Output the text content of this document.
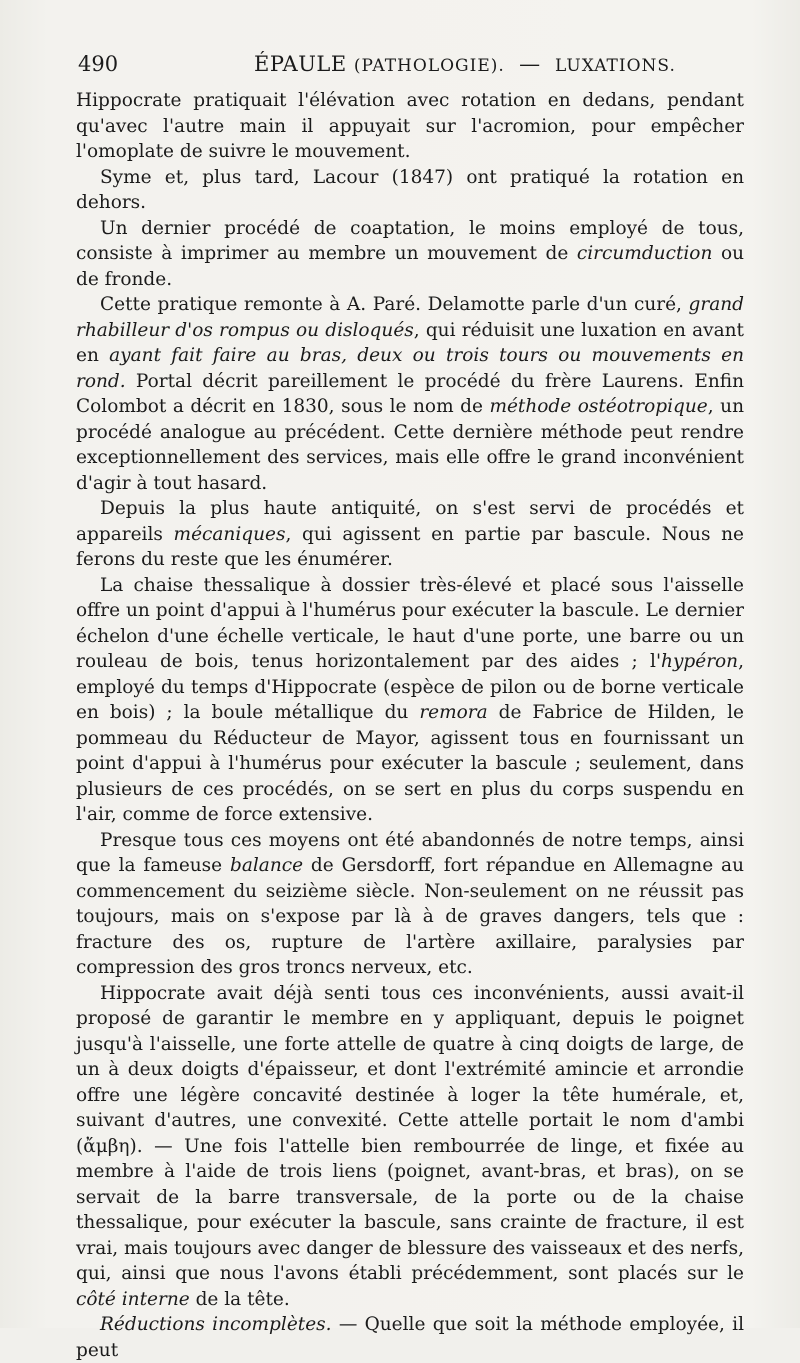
490	ÉPAULE (PATHOLOGIE). — LUXATIONS.

Hippocrate pratiquait l'élévation avec rotation en dedans, pendant qu'avec l'autre main il appuyait sur l'acromion, pour empêcher l'omoplate de suivre le mouvement.

Syme et, plus tard, Lacour (1847) ont pratiqué la rotation en dehors.

Un dernier procédé de coaptation, le moins employé de tous, consiste à imprimer au membre un mouvement de circumduction ou de fronde.

Cette pratique remonte à A. Paré. Delamotte parle d'un curé, grand rhabilleur d'os rompus ou disloqués, qui réduisit une luxation en avant en ayant fait faire au bras, deux ou trois tours ou mouvements en rond. Portal décrit pareillement le procédé du frère Laurens. Enfin Colombot a décrit en 1830, sous le nom de méthode ostéotropique, un procédé analogue au précédent. Cette dernière méthode peut rendre exceptionnellement des services, mais elle offre le grand inconvénient d'agir à tout hasard.

Depuis la plus haute antiquité, on s'est servi de procédés et appareils mécaniques, qui agissent en partie par bascule. Nous ne ferons du reste que les énumérer.

La chaise thessalique à dossier très-élevé et placé sous l'aisselle offre un point d'appui à l'humérus pour exécuter la bascule. Le dernier échelon d'une échelle verticale, le haut d'une porte, une barre ou un rouleau de bois, tenus horizontalement par des aides ; l'hypéron, employé du temps d'Hippocrate (espèce de pilon ou de borne verticale en bois) ; la boule métallique du remora de Fabrice de Hilden, le pommeau du Réducteur de Mayor, agissent tous en fournissant un point d'appui à l'humérus pour exécuter la bascule ; seulement, dans plusieurs de ces procédés, on se sert en plus du corps suspendu en l'air, comme de force extensive.

Presque tous ces moyens ont été abandonnés de notre temps, ainsi que la fameuse balance de Gersdorff, fort répandue en Allemagne au commencement du seizième siècle. Non-seulement on ne réussit pas toujours, mais on s'expose par là à de graves dangers, tels que : fracture des os, rupture de l'artère axillaire, paralysies par compression des gros troncs nerveux, etc.

Hippocrate avait déjà senti tous ces inconvénients, aussi avait-il proposé de garantir le membre en y appliquant, depuis le poignet jusqu'à l'aisselle, une forte attelle de quatre à cinq doigts de large, de un à deux doigts d'épaisseur, et dont l'extrémité amincie et arrondie offre une légère concavité destinée à loger la tête humérale, et, suivant d'autres, une convexité. Cette attelle portait le nom d'ambi (ἄμβη). — Une fois l'attelle bien rembourrée de linge, et fixée au membre à l'aide de trois liens (poignet, avant-bras, et bras), on se servait de la barre transversale, de la porte ou de la chaise thessalique, pour exécuter la bascule, sans crainte de fracture, il est vrai, mais toujours avec danger de blessure des vaisseaux et des nerfs, qui, ainsi que nous l'avons établi précédemment, sont placés sur le côté interne de la tête.

Réductions incomplètes. — Quelle que soit la méthode employée, il peut
